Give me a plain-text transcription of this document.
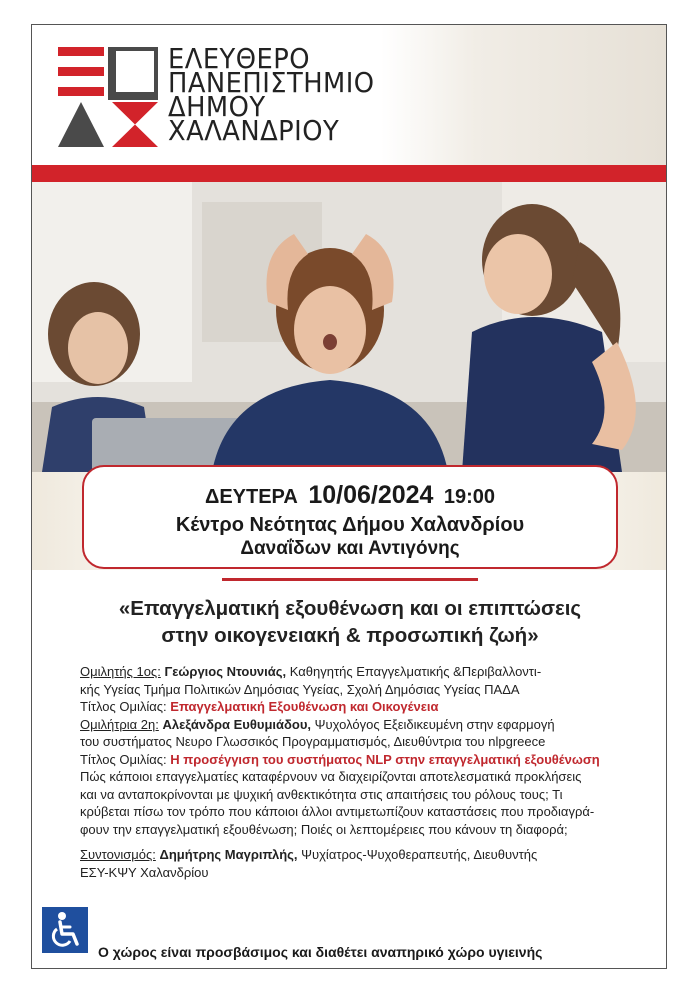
ΕΛΕΥΘΕΡΟ
ΠΑΝΕΠΙΣΤΗΜΙΟ
ΔΗΜΟΥ
ΧΑΛΑΝΔΡΙΟΥ
ΔΕΥΤΕΡΑ 10/06/2024 19:00
Κέντρο Νεότητας Δήμου Χαλανδρίου
Δαναΐδων και Αντιγόνης
«Επαγγελματική εξουθένωση και οι επιπτώσεις
στην οικογενειακή & προσωπική ζωή»

Ομιλητής 1ος: Γεώργιος Ντουνιάς, Καθηγητής Επαγγελματικής &Περιβαλλοντι-

κής Υγείας Τμήμα Πολιτικών Δημόσιας Υγείας, Σχολή Δημόσιας Υγείας ΠΑΔΑ

Τίτλος Ομιλίας: Επαγγελματική Εξουθένωση και Οικογένεια

Ομιλήτρια 2η: Αλεξάνδρα Ευθυμιάδου, Ψυχολόγος Εξειδικευμένη στην εφαρμογή

του συστήματος Νευρο Γλωσσικός Προγραμματισμός, Διευθύντρια του nlpgreece

Τίτλος Ομιλίας: Η προσέγγιση του συστήματος NLP στην επαγγελματική εξουθένωση

Πώς κάποιοι επαγγελματίες καταφέρνουν να διαχειρίζονται αποτελεσματικά προκλήσεις

και να ανταποκρίνονται με ψυχική ανθεκτικότητα στις απαιτήσεις του ρόλους τους; Τι

κρύβεται πίσω τον τρόπο που κάποιοι άλλοι αντιμετωπίζουν καταστάσεις που προδιαγρά-

φουν την επαγγελματική εξουθένωση; Ποιές οι λεπτομέρειες που κάνουν τη διαφορά;

Συντονισμός: Δημήτρης Μαγριπλής, Ψυχίατρος-Ψυχοθεραπευτής, Διευθυντής

ΕΣΥ-ΚΨΥ Χαλανδρίου

Ο χώρος είναι προσβάσιμος και διαθέτει αναπηρικό χώρο υγιεινής
